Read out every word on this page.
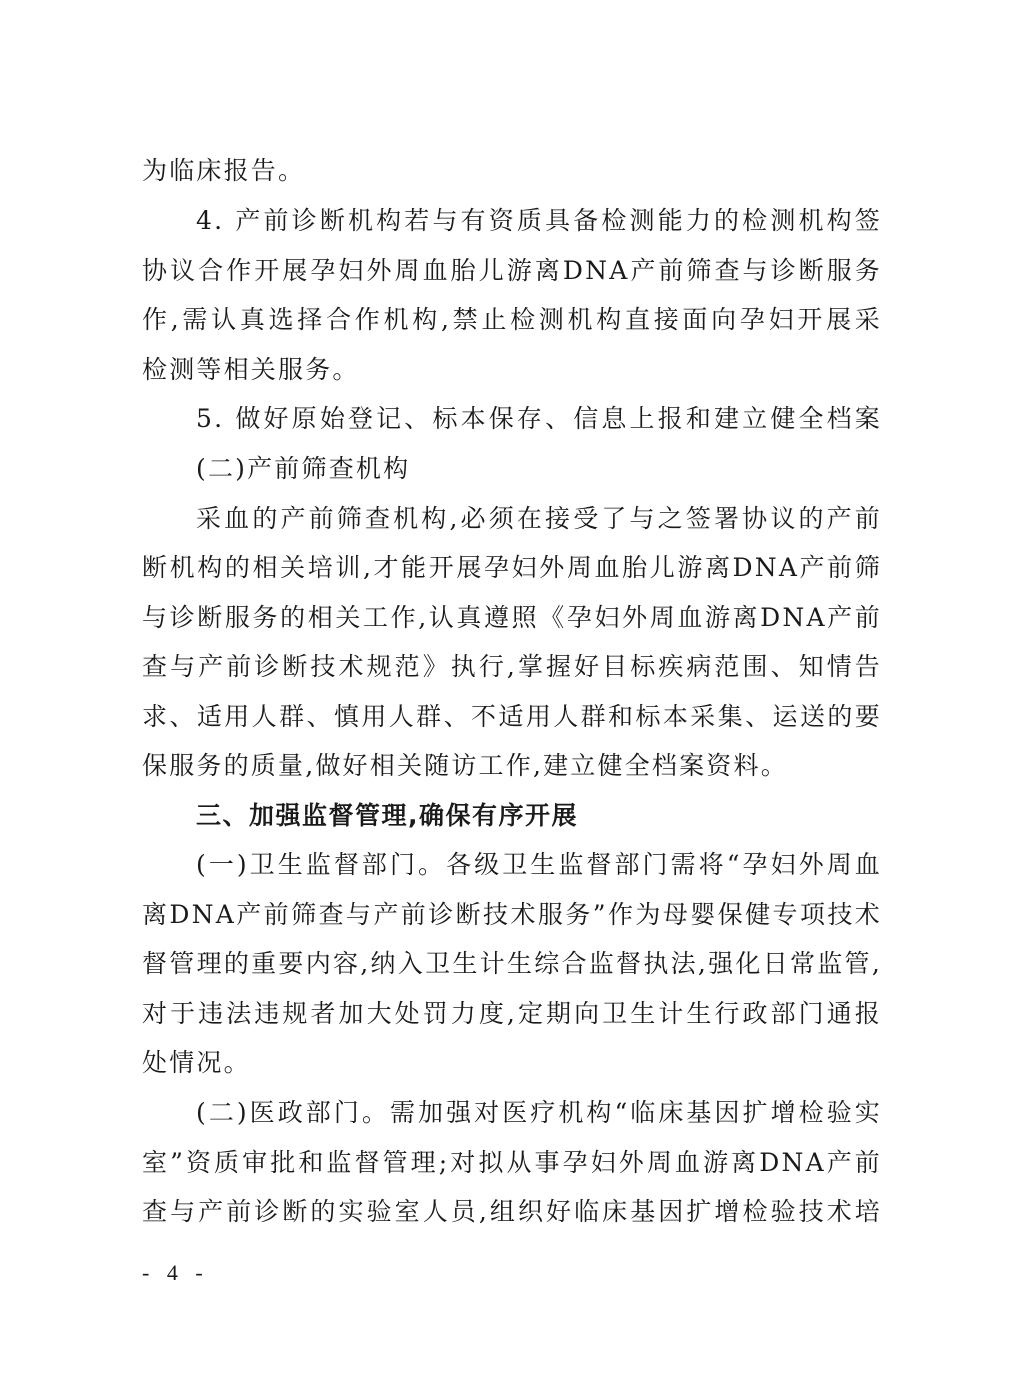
为临床报告。
4. 产前诊断机构若与有资质具备检测能力的检测机构签
协议合作开展孕妇外周血胎儿游离DNA产前筛查与诊断服务
作,需认真选择合作机构,禁止检测机构直接面向孕妇开展采
检测等相关服务。
5. 做好原始登记、标本保存、信息上报和建立健全档案
(二)产前筛查机构
采血的产前筛查机构,必须在接受了与之签署协议的产前
断机构的相关培训,才能开展孕妇外周血胎儿游离DNA产前筛
与诊断服务的相关工作,认真遵照《孕妇外周血游离DNA产前
查与产前诊断技术规范》执行,掌握好目标疾病范围、知情告
求、适用人群、慎用人群、不适用人群和标本采集、运送的要
保服务的质量,做好相关随访工作,建立健全档案资料。
三、加强监督管理,确保有序开展
(一)卫生监督部门。各级卫生监督部门需将“孕妇外周血
离DNA产前筛查与产前诊断技术服务”作为母婴保健专项技术
督管理的重要内容,纳入卫生计生综合监督执法,强化日常监管,
对于违法违规者加大处罚力度,定期向卫生计生行政部门通报
处情况。
(二)医政部门。需加强对医疗机构“临床基因扩增检验实
室”资质审批和监督管理;对拟从事孕妇外周血游离DNA产前
查与产前诊断的实验室人员,组织好临床基因扩增检验技术培
- 4 -
